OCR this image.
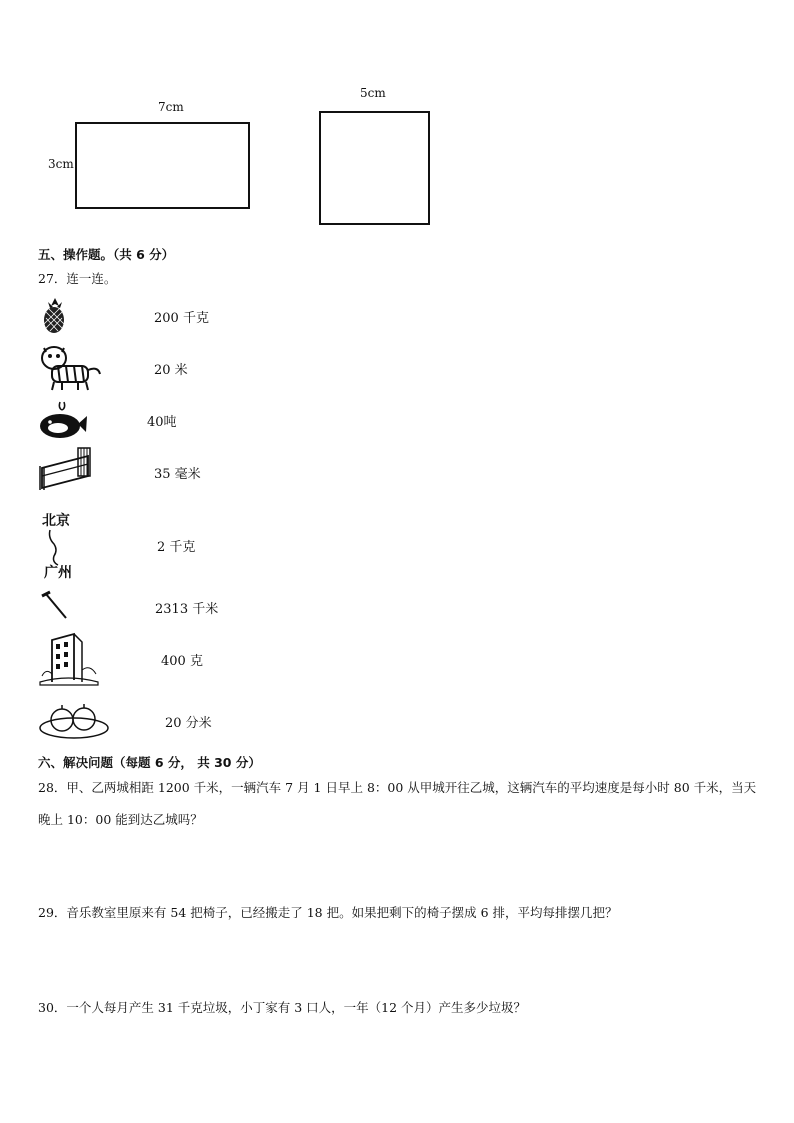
7cm
3cm
5cm
五、操作题。（共 6 分）
27．连一连。
200 千克
20 米
40吨
35 毫米
北京
广州
2 千克
2313 千米
400 克
20 分米
六、解决问题（每题 6 分， 共 30 分）
28．甲、乙两城相距 1200 千米，一辆汽车 7 月 1 日早上 8：00 从甲城开往乙城，这辆汽车的平均速度是每小时 80 千米，当天晚上 10：00 能到达乙城吗？
29．音乐教室里原来有 54 把椅子，已经搬走了 18 把。如果把剩下的椅子摆成 6 排，平均每排摆几把？
30．一个人每月产生 31 千克垃圾，小丁家有 3 口人，一年（12 个月）产生多少垃圾？
